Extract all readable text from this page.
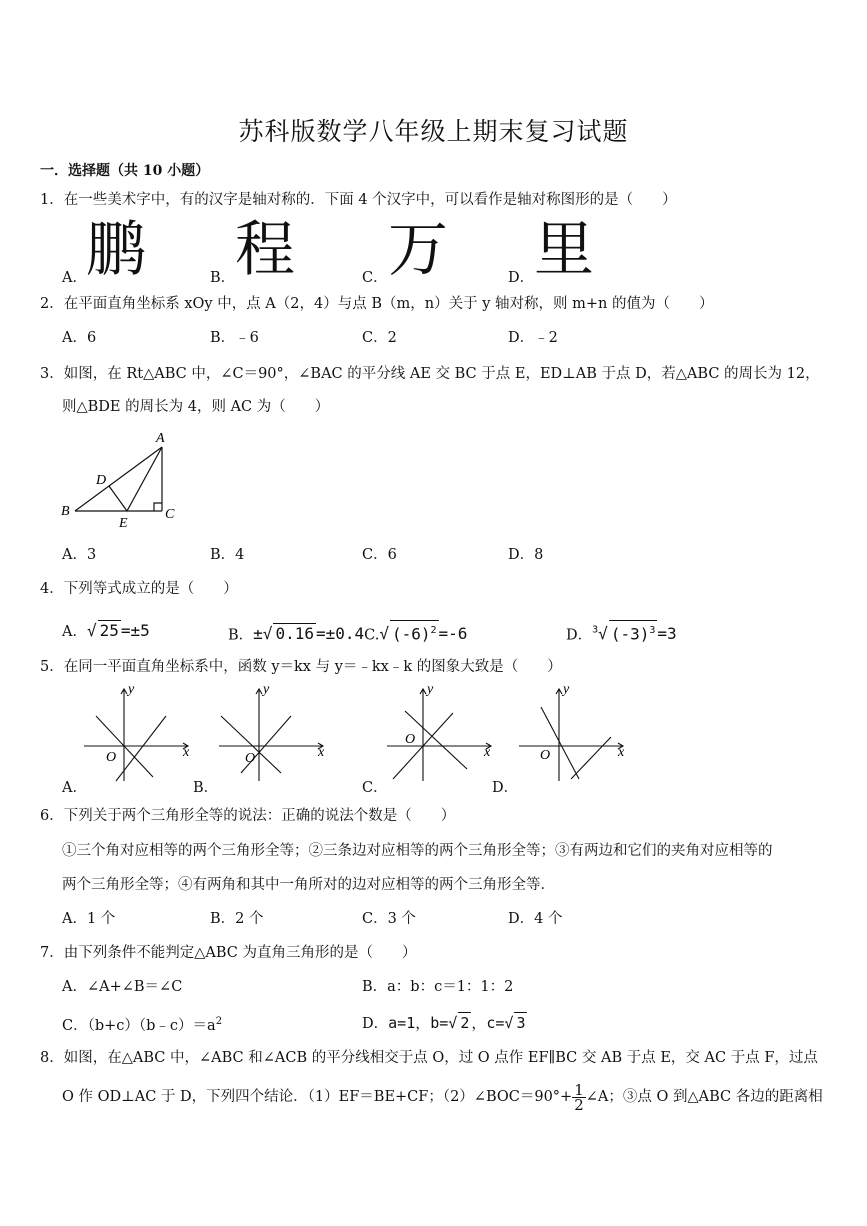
苏科版数学八年级上期末复习试题
一．选择题（共 10 小题）
1．在一些美术字中，有的汉字是轴对称的．下面 4 个汉字中，可以看作是轴对称图形的是（　　）
A． 鹏	B． 程	C． 万	D． 里
2．在平面直角坐标系 xOy 中，点 A（2，4）与点 B（m，n）关于 y 轴对称，则 m+n 的值为（　　）
A．6	B．﹣6	C．2	D．﹣2
3．如图，在 Rt△ABC 中，∠C＝90°，∠BAC 的平分线 AE 交 BC 于点 E，ED⊥AB 于点 D，若△ABC 的周长为 12，
则△BDE 的周长为 4，则 AC 为（　　）
A
B	C
D
E
A．3	B．4	C．6	D．8
4．下列等式成立的是（　　）
A．√ 25 =±5	B．±√ 0.16 =±0.4C.√ $(-6)^2 =-6$	D．$^3$√ $(-3)^3 =3$
5．在同一平面直角坐标系中，函数 y＝kx 与 y＝﹣kx﹣k 的图象大致是（　　）
y
x
O
y
x
O
y
x
O
y
x
O
A．	B．	C．	D．
6．下列关于两个三角形全等的说法：正确的说法个数是（　　）
①三个角对应相等的两个三角形全等；②三条边对应相等的两个三角形全等；③有两边和它们的夹角对应相等的
两个三角形全等；④有两角和其中一角所对的边对应相等的两个三角形全等．
A．1 个	B．2 个	C．3 个	D．4 个
7．由下列条件不能判定△ABC 为直角三角形的是（　　）
A．∠A+∠B＝∠C	B．a：b：c＝1：1：2
C．$(b+c)(b﹣c)=a^2$	D．a=1，b=√ 2 ，c=√ 3
8．如图，在△ABC 中，∠ABC 和∠ACB 的平分线相交于点 O，过 O 点作 EF∥BC 交 AB 于点 E，交 AC 于点 F，过点
O 作 OD⊥AC 于 D，下列四个结论．（1）EF＝BE+CF；（2）∠BOC＝90°+ $\frac{1}{2}$ ∠A；③点 O 到△ABC 各边的距离相
